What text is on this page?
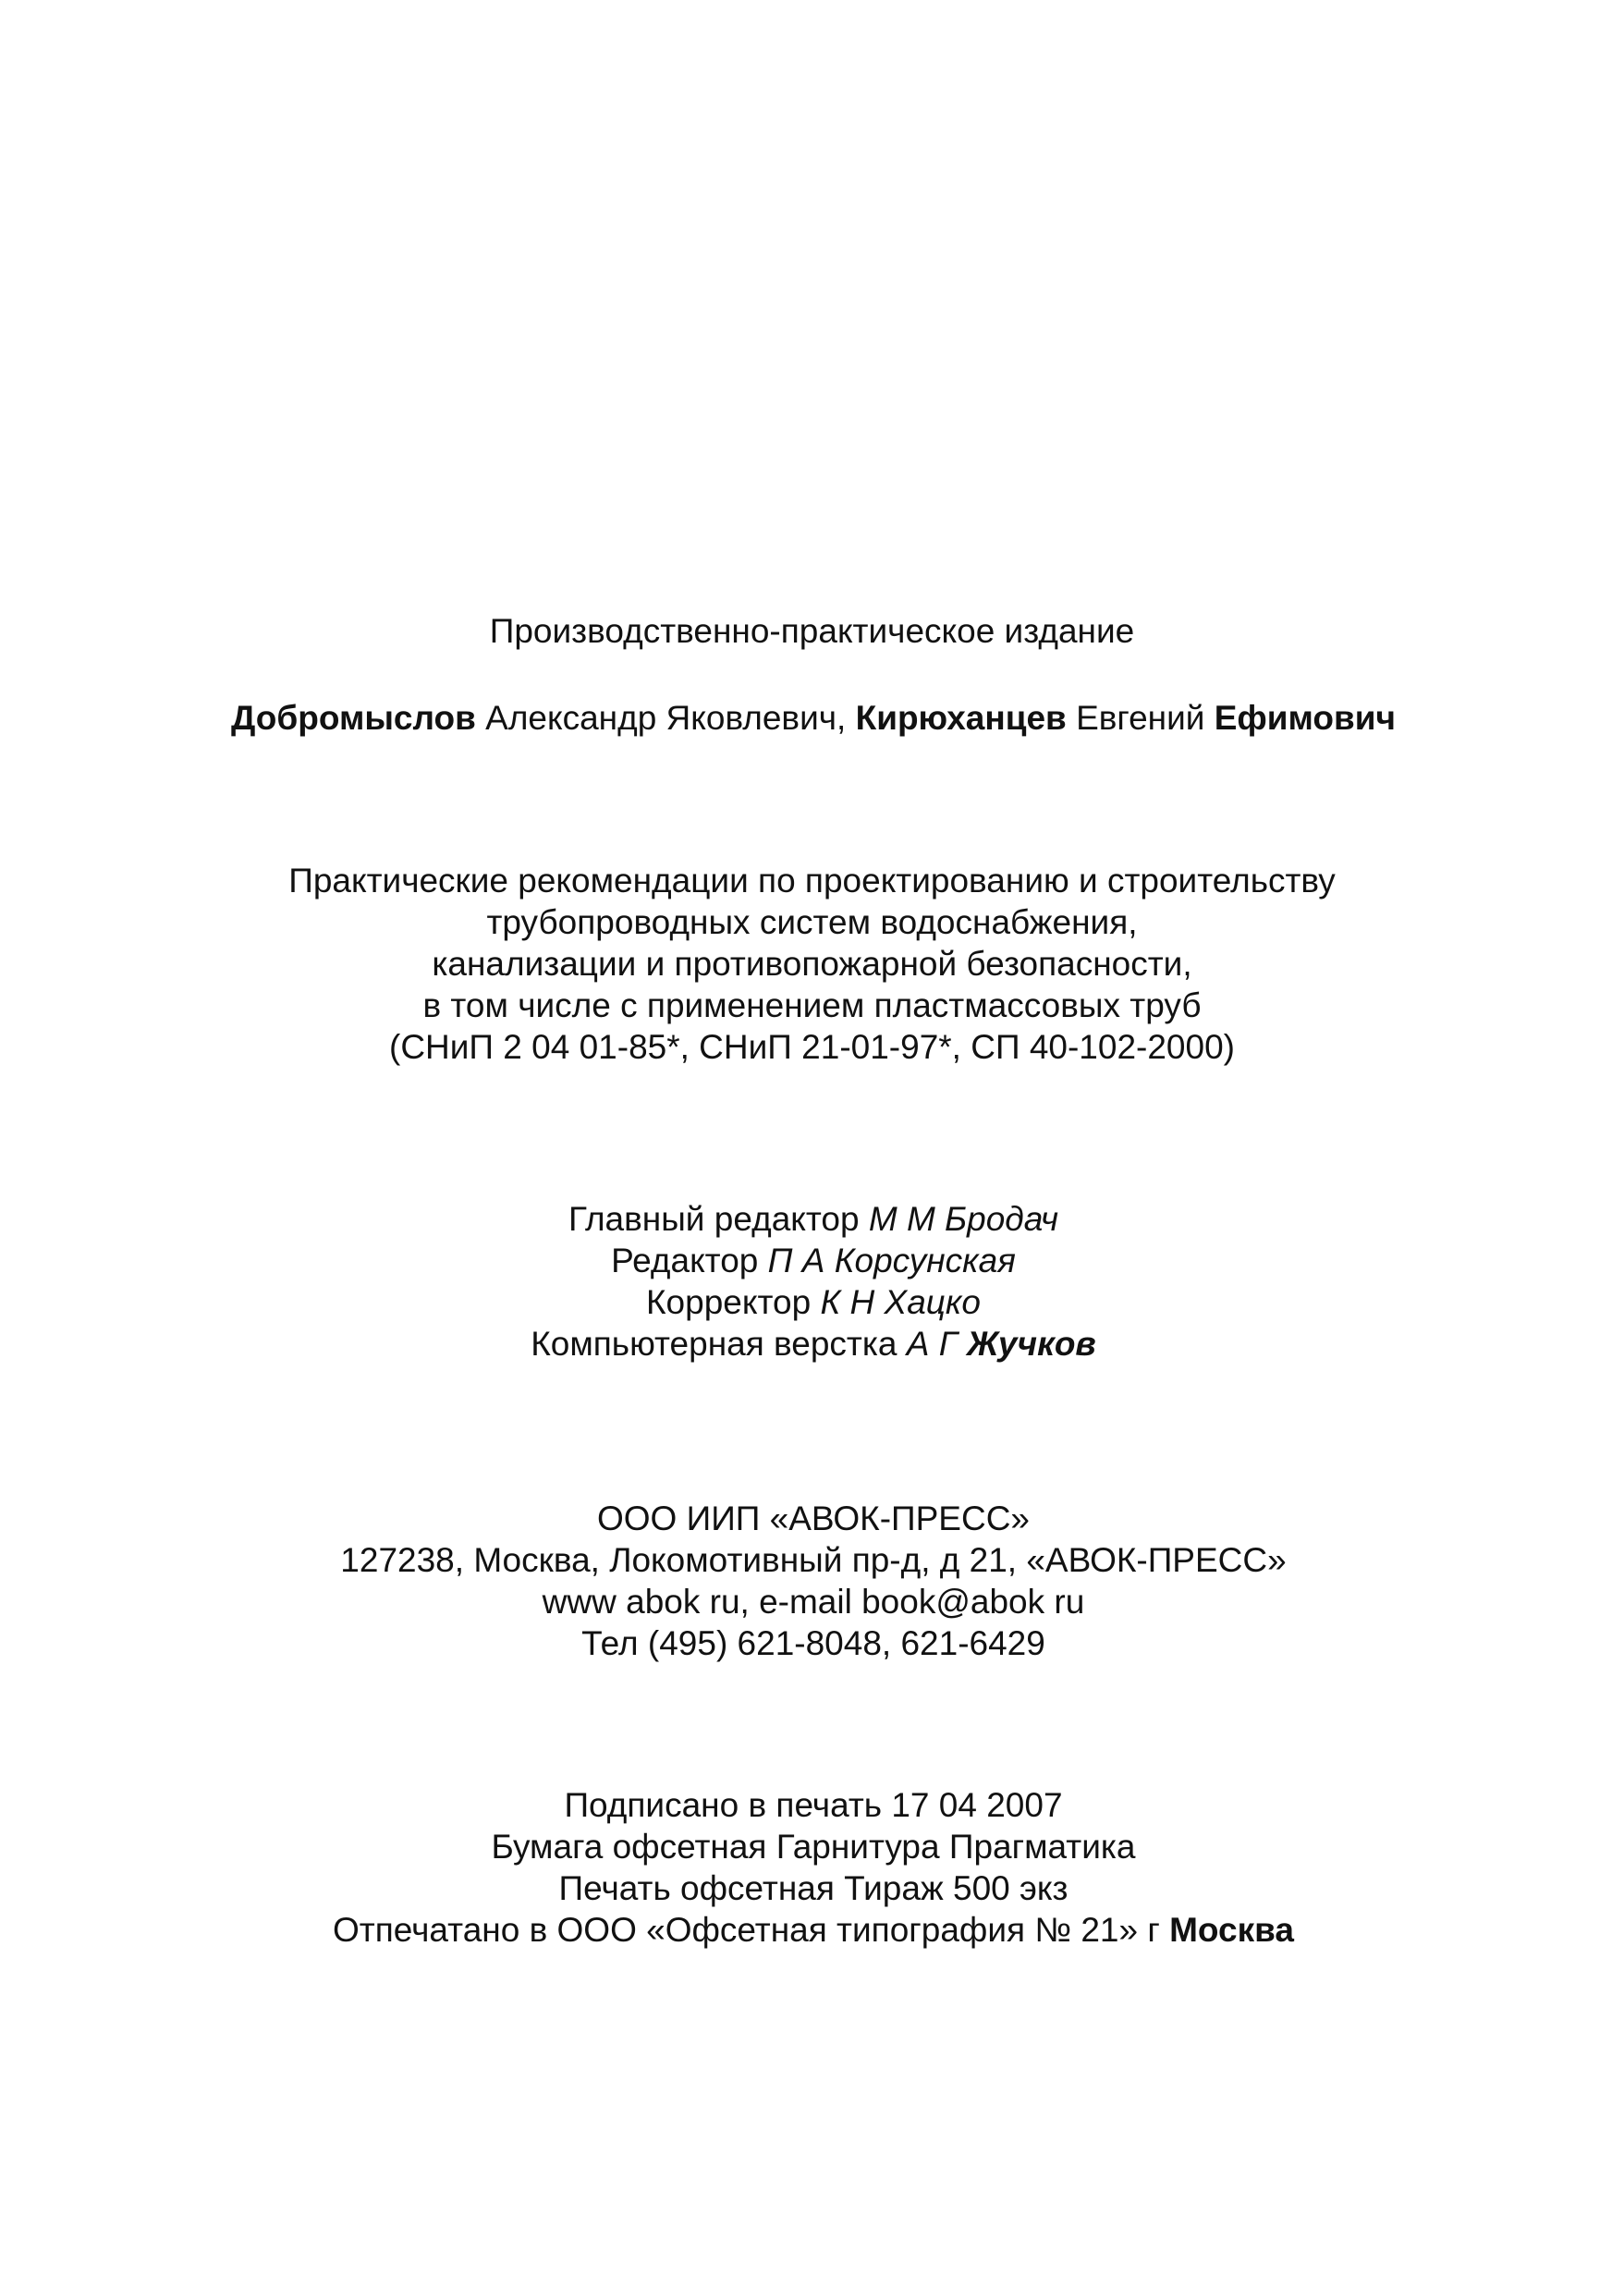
Производственно-практическое издание
Добромыслов Александр Яковлевич, Кирюханцев Евгений Ефимович
Практические рекомендации по проектированию и строительству
трубопроводных систем водоснабжения,
канализации и противопожарной безопасности,
в том числе с применением пластмассовых труб
(СНиП 2 04 01-85*, СНиП 21-01-97*, СП 40-102-2000)
Главный редактор М М Бродач
Редактор П А Корсунская
Корректор К Н Хацко
Компьютерная верстка А Г Жучков
ООО ИИП «АВОК-ПРЕСС»
127238, Москва, Локомотивный пр-д, д 21, «АВОК-ПРЕСС»
www abok ru, e-mail book@abok ru
Тел (495) 621-8048, 621-6429
Подписано в печать 17 04 2007
Бумага офсетная Гарнитура Прагматика
Печать офсетная Тираж 500 экз
Отпечатано в ООО «Офсетная типография № 21» г Москва
